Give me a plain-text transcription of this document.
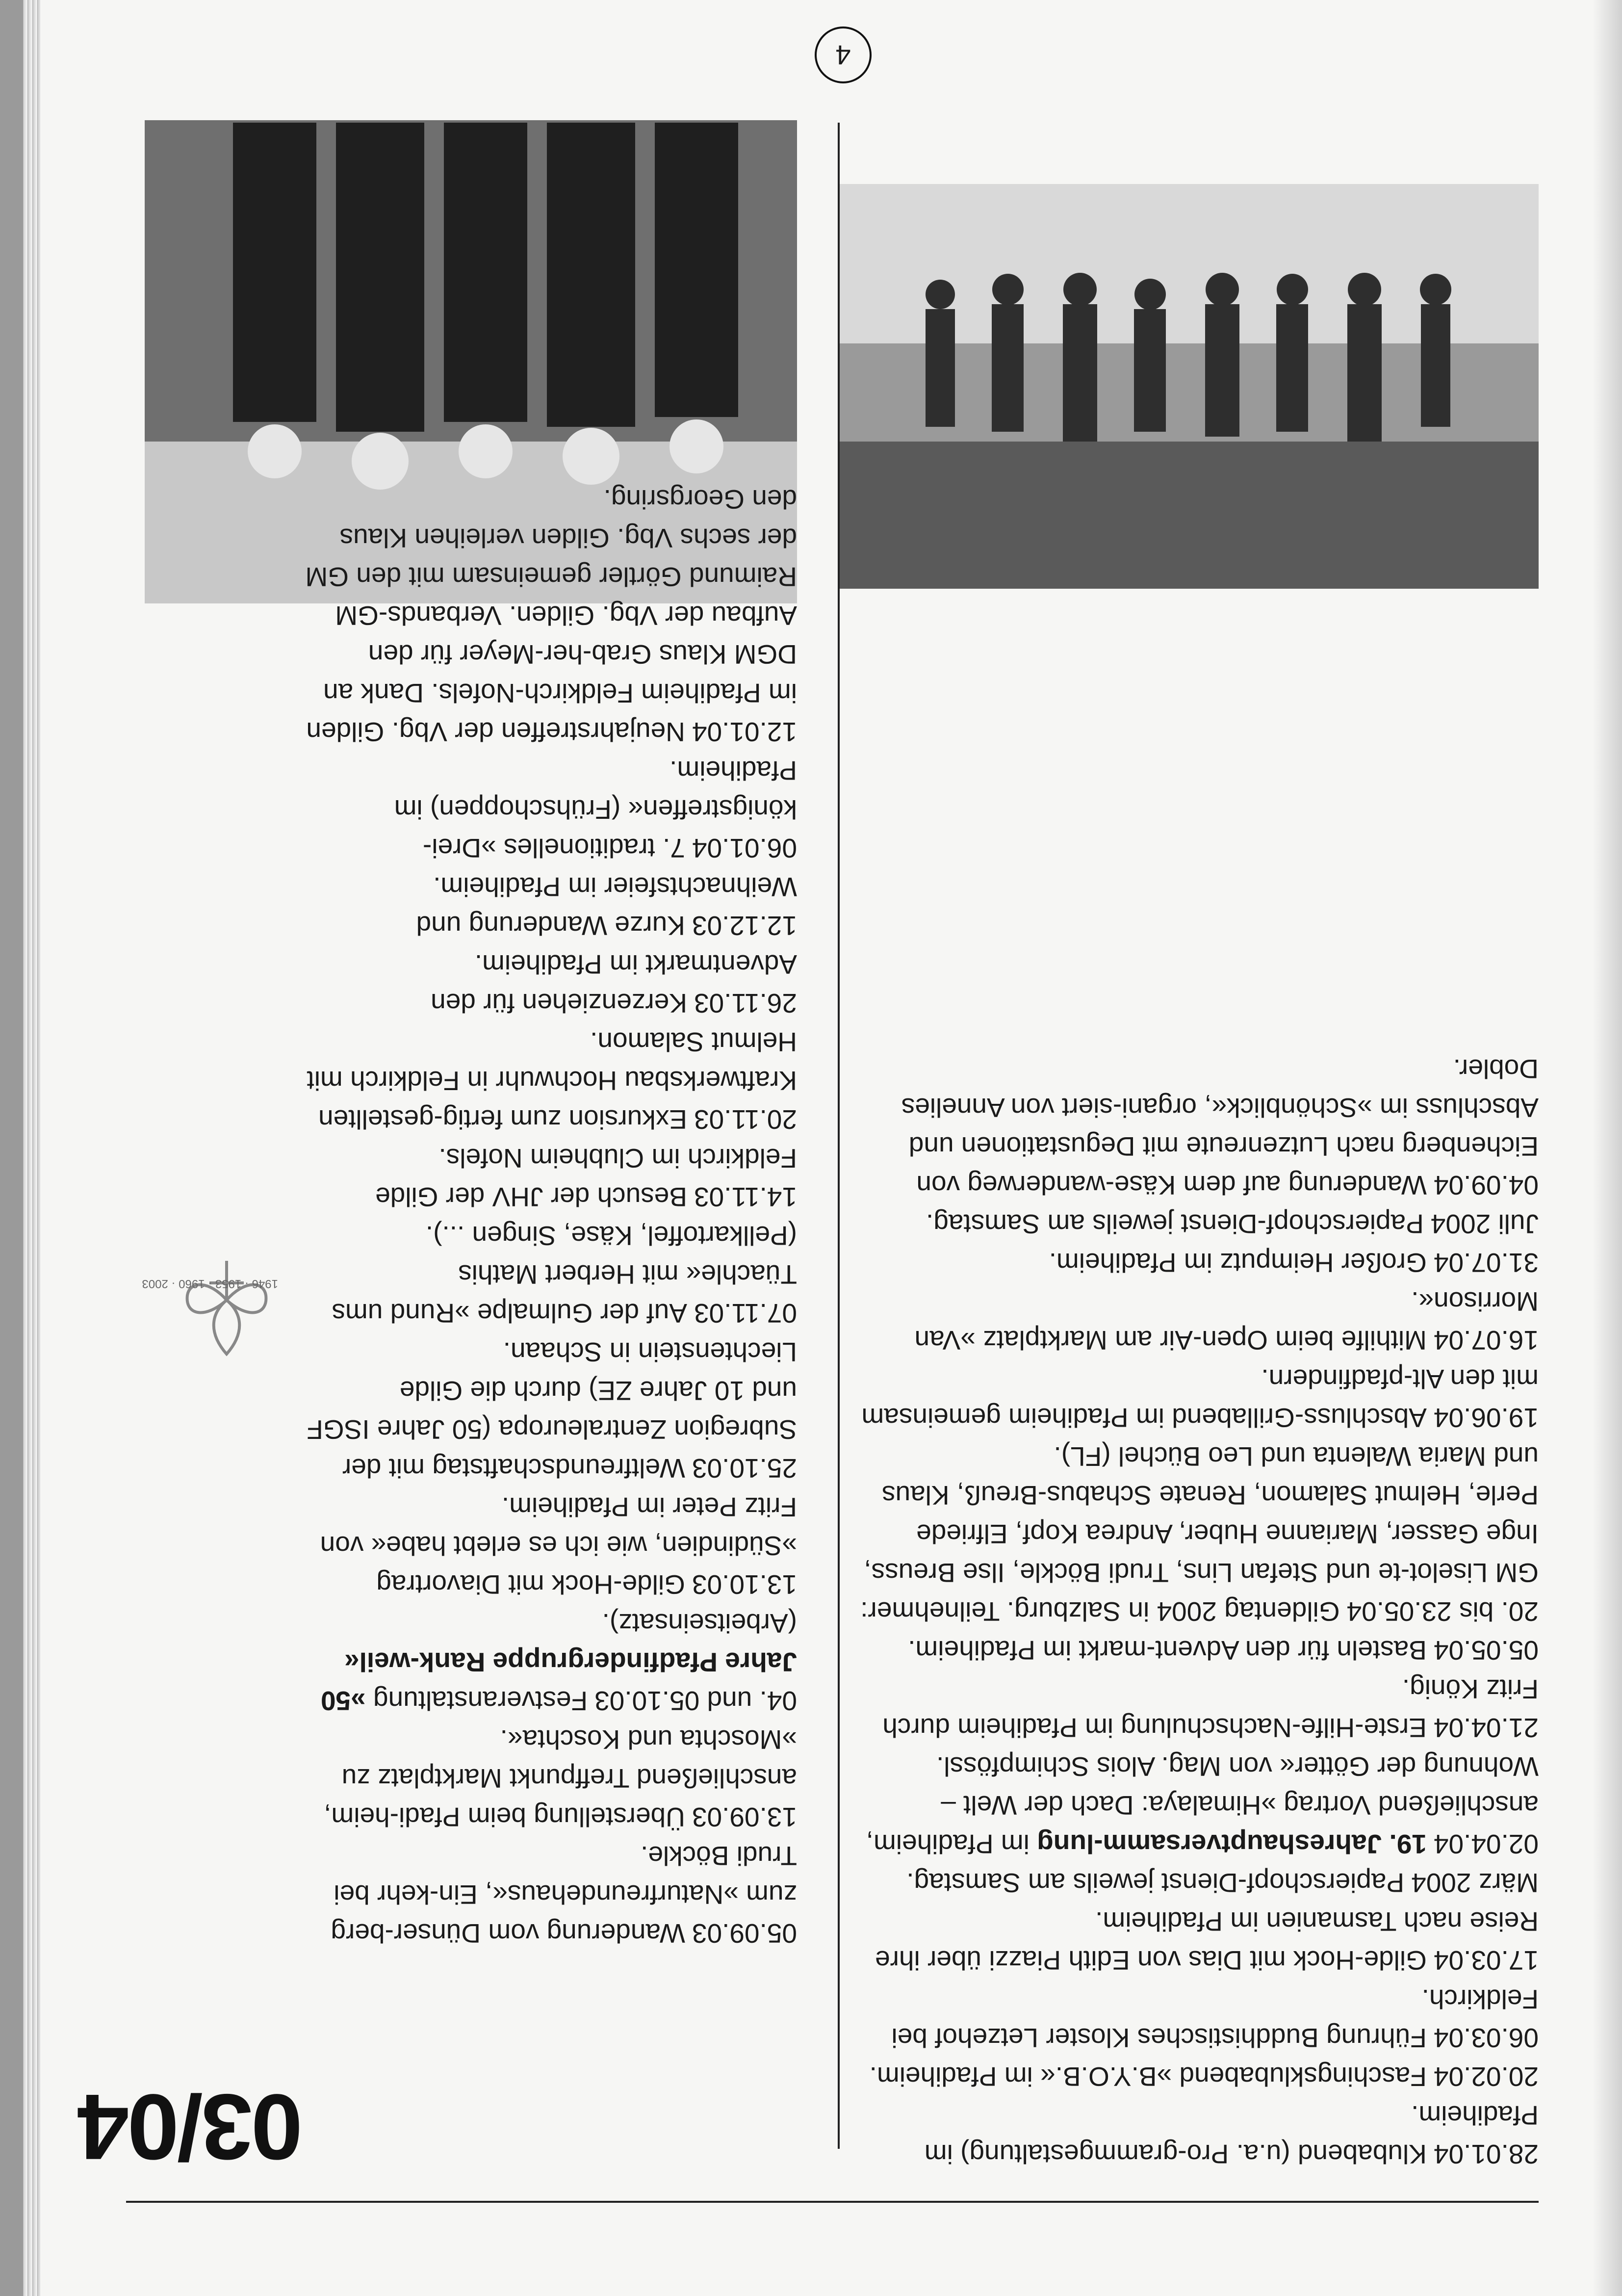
4
1946 · 1953 · 1960 · 2003
03/04

05.09.03Wanderung vom Dünser-berg zum »Naturfreundehaus«, Ein-kehr bei Trudi Böckle.

13.09.03Überstellung beim Pfadi-heim, anschließend Treffpunkt Marktplatz zu »Moschta und Koschta«.

04. und 05.10.03Festveranstaltung »50 Jahre Pfadfindergruppe Rank-weil« (Arbeitseinsatz).

13.10.03Gilde-Hock mit Diavortrag »Südindien, wie ich es erlebt habe« von Fritz Peter im Pfadiheim.

25.10.03Weltfreundschaftstag mit der Subregion Zentraleuropa (50 Jahre ISGF und 10 Jahre ZE) durch die Gilde Liechtenstein in Schaan.

07.11.03Auf der Gulmalpe »Rund ums Tüachle« mit Herbert Mathis (Pellkartoffel, Käse, Singen ...).

14.11.03Besuch der JHV der Gilde Feldkirch im Clubheim Nofels.

20.11.03Exkursion zum fertig-gestellten Kraftwerksbau Hochwuhr in Feldkirch mit Helmut Salamon.

26.11.03Kerzenziehen für den Adventmarkt im Pfadiheim.

12.12.03Kurze Wanderung und Weihnachtsfeier im Pfadiheim.

06.01.047. traditionelles »Drei-königstreffen« (Frühschoppen) im Pfadiheim.

12.01.04Neujahrstreffen der Vbg. Gilden im Pfadiheim Feldkirch-Nofels. Dank an DGM Klaus Grab-her-Meyer für den Aufbau der Vbg. Gilden. Verbands-GM Raimund Görtler gemeinsam mit den GM der sechs Vbg. Gilden verleihen Klaus den Georgsring.

28.01.04Klubabend (u.a. Pro-grammgestaltung) im Pfadiheim.

20.02.04Faschingsklubabend »B.Y.O.B.« im Pfadiheim.

06.03.04Führung Buddhistisches Kloster Letzehof bei Feldkirch.

17.03.04Gilde-Hock mit Dias von Edith Piazzi über ihre Reise nach Tasmanien im Pfadiheim.

März 2004Papierschopf-Dienst jeweils am Samstag.

02.04.0419. Jahreshauptversamm-lung im Pfadiheim, anschließend Vortrag »Himalaya: Dach der Welt – Wohnung der Götter« von Mag. Alois Schimpfössl.

21.04.04Erste-Hilfe-Nachschulung im Pfadiheim durch Fritz König.

05.05.04Basteln für den Advent-markt im Pfadiheim.

20. bis 23.05.04Gildentag 2004 in Salzburg. Teilnehmer: GM Liselot-te und Stefan Lins, Trudi Böckle, Ilse Breuss, Inge Gasser, Marianne Huber, Andrea Kopf, Elfriede Perle, Helmut Salamon, Renate Schabus-Breuß, Klaus und Maria Walenta und Leo Büchel (FL).

19.06.04Abschluss-Grillabend im Pfadiheim gemeinsam mit den Alt-pfadfindern.

16.07.04Mithilfe beim Open-Air am Marktplatz »Van Morrison«.

31.07.04Großer Heimputz im Pfadiheim.

Juli 2004Papierschopf-Dienst jeweils am Samstag.

04.09.04Wanderung auf dem Käse-wanderweg von Eichenberg nach Lutzenreute mit Degustationen und Abschluss im »Schönblick«, organi-siert von Annelies Dobler.
